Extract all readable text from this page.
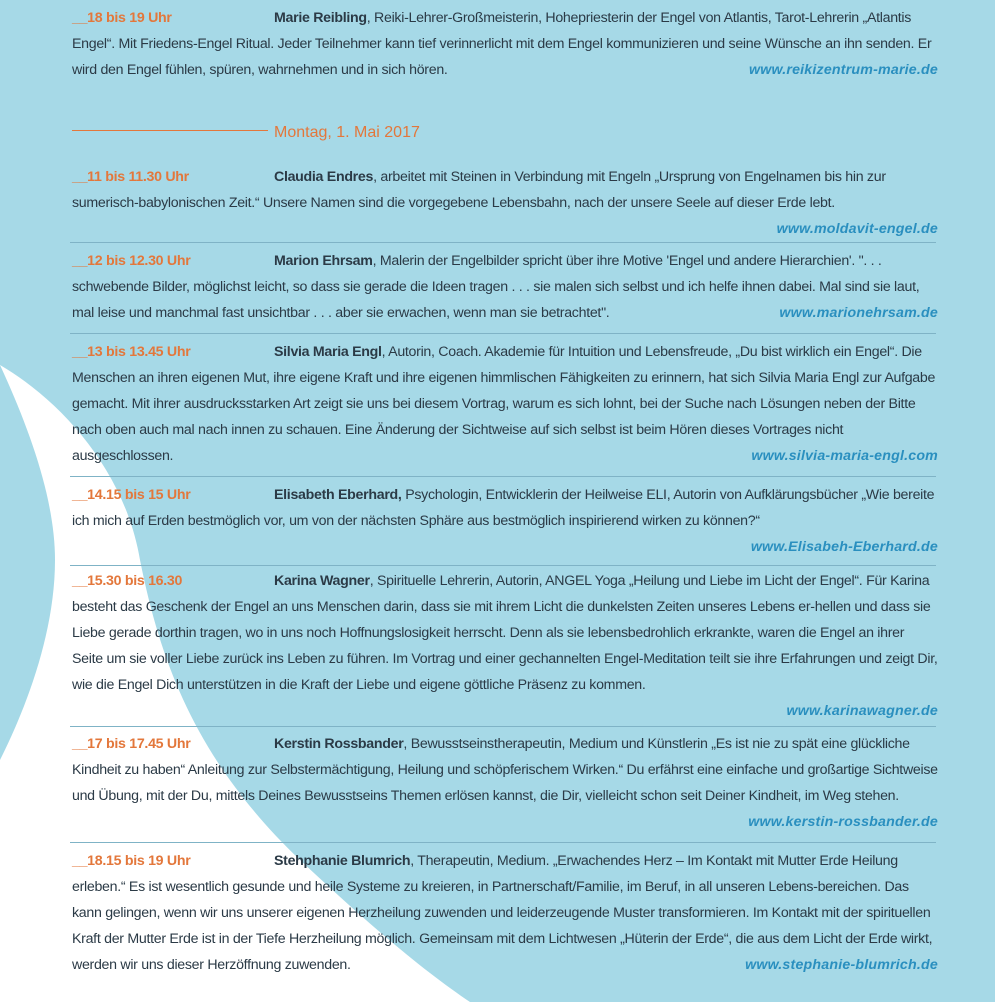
__18 bis 19 Uhr	Marie Reibling, Reiki-Lehrer-Großmeisterin, Hohepriesterin der Engel von Atlantis, Tarot-Lehrerin „Atlantis Engel“. Mit Friedens-Engel Ritual. Jeder Teilnehmer kann tief verinnerlicht mit dem Engel kommunizieren und seine Wünsche an ihn senden. Er wird den Engel fühlen, spüren, wahrnehmen und in sich hören.	www.reikizentrum-marie.de

Montag, 1. Mai 2017

__11 bis 11.30 Uhr	Claudia Endres, arbeitet mit Steinen in Verbindung mit Engeln „Ursprung von Engelnamen bis hin zur sumerisch-babylonischen Zeit.“ Unsere Namen sind die vorgegebene Lebensbahn, nach der unsere Seele auf dieser Erde lebt.
www.moldavit-engel.de

__12 bis 12.30 Uhr	Marion Ehrsam, Malerin der Engelbilder spricht über ihre Motive 'Engel und andere Hierarchien'. ". . . schwebende Bilder, möglichst leicht, so dass sie gerade die Ideen tragen . . . sie malen sich selbst und ich helfe ihnen dabei. Mal sind sie laut, mal leise und manchmal fast unsichtbar . . . aber sie erwachen, wenn man sie betrachtet".	www.marionehrsam.de

__13 bis 13.45 Uhr	Silvia Maria Engl, Autorin, Coach. Akademie für Intuition und Lebensfreude, „Du bist wirklich ein Engel“. Die Menschen an ihren eigenen Mut, ihre eigene Kraft und ihre eigenen himmlischen Fähigkeiten zu erinnern, hat sich Silvia Maria Engl zur Aufgabe gemacht. Mit ihrer ausdrucksstarken Art zeigt sie uns bei diesem Vortrag, warum es sich lohnt, bei der Suche nach Lösungen neben der Bitte nach oben auch mal nach innen zu schauen. Eine Änderung der Sichtweise auf sich selbst ist beim Hören dieses Vortrages nicht ausgeschlossen.	www.silvia-maria-engl.com

__14.15 bis 15 Uhr	Elisabeth Eberhard, Psychologin, Entwicklerin der Heilweise ELI, Autorin von Aufklärungsbücher „Wie bereite ich mich auf Erden bestmöglich vor, um von der nächsten Sphäre aus bestmöglich inspirierend wirken zu können?“
www.Elisabeh-Eberhard.de

__15.30 bis 16.30	Karina Wagner, Spirituelle Lehrerin, Autorin, ANGEL Yoga „Heilung und Liebe im Licht der Engel“. Für Karina besteht das Geschenk der Engel an uns Menschen darin, dass sie mit ihrem Licht die dunkelsten Zeiten unseres Lebens er-hellen und dass sie Liebe gerade dorthin tragen, wo in uns noch Hoffnungslosigkeit herrscht. Denn als sie lebensbedrohlich erkrankte, waren die Engel an ihrer Seite um sie voller Liebe zurück ins Leben zu führen. Im Vortrag und einer gechannelten Engel-Meditation teilt sie ihre Erfahrungen und zeigt Dir, wie die Engel Dich unterstützen in die Kraft der Liebe und eigene göttliche Präsenz zu kommen.
www.karinawagner.de

__17 bis 17.45 Uhr	Kerstin Rossbander, Bewusstseinstherapeutin, Medium und Künstlerin „Es ist nie zu spät eine glückliche Kindheit zu haben“ Anleitung zur Selbstermächtigung, Heilung und schöpferischem Wirken.“ Du erfährst eine einfache und großartige Sichtweise und Übung, mit der Du, mittels Deines Bewusstseins Themen erlösen kannst, die Dir, vielleicht schon seit Deiner Kindheit, im Weg stehen.
www.kerstin-rossbander.de

__18.15 bis 19 Uhr	Stehphanie Blumrich, Therapeutin, Medium. „Erwachendes Herz – Im Kontakt mit Mutter Erde Heilung erleben.“ Es ist wesentlich gesunde und heile Systeme zu kreieren, in Partnerschaft/Familie, im Beruf, in all unseren Lebens-bereichen. Das kann gelingen, wenn wir uns unserer eigenen Herzheilung zuwenden und leiderzeugende Muster transformieren. Im Kontakt mit der spirituellen Kraft der Mutter Erde ist in der Tiefe Herzheilung möglich. Gemeinsam mit dem Lichtwesen „Hüterin der Erde“, die aus dem Licht der Erde wirkt, werden wir uns dieser Herzöffnung zuwenden.	www.stephanie-blumrich.de
